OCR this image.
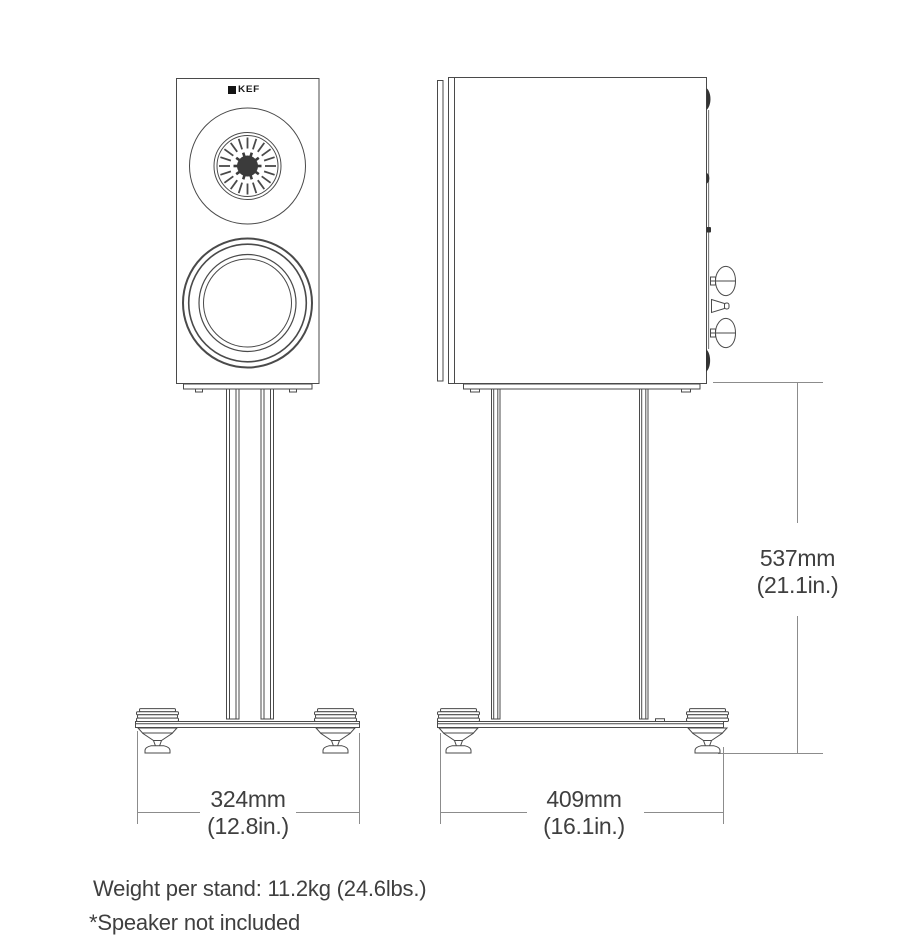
KEF
324mm
(12.8in.)
409mm
(16.1in.)
537mm
(21.1in.)
Weight per stand: 11.2kg (24.6lbs.)
*Speaker not included
